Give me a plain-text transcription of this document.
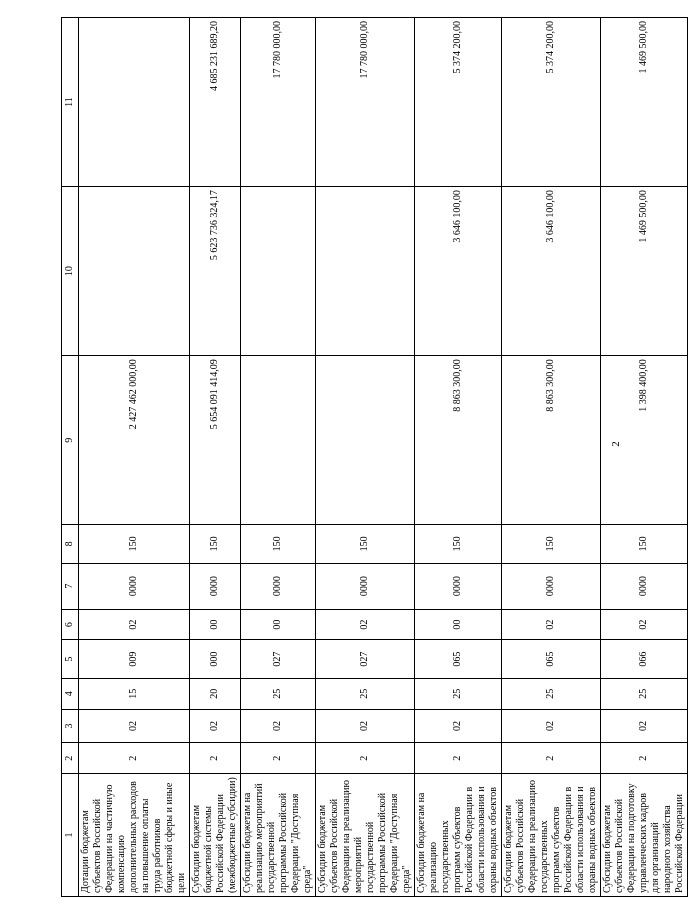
2
1	2	3	4	5	6	7	8	9	10	11
Дотации бюджетам субъектов Российской Федерации на частичную компенсацию дополнительных расходов на повышение оплаты труда работников бюджетной сферы и иные цели	2	02	15	009	02	0000	150	2 427 462 000,00		
Субсидии бюджетам бюджетной системы Российской Федерации (межбюджетные субсидии)	2	02	20	000	00	0000	150	5 654 091 414,09	5 623 736 324,17	4 685 231 689,20
Субсидии бюджетам на реализацию мероприятий государственной программы Российской Федерации "Доступная среда"	2	02	25	027	00	0000	150			17 780 000,00
Субсидии бюджетам субъектов Российской Федерации на реализацию мероприятий государственной программы Российской Федерации "Доступная среда"	2	02	25	027	02	0000	150			17 780 000,00
Субсидии бюджетам на реализацию государственных программ субъектов Российской Федерации в области использования и охраны водных объектов	2	02	25	065	00	0000	150	8 863 300,00	3 646 100,00	5 374 200,00
Субсидии бюджетам субъектов Российской Федерации на реализацию государственных программ субъектов Российской Федерации в области использования и охраны водных объектов	2	02	25	065	02	0000	150	8 863 300,00	3 646 100,00	5 374 200,00
Субсидии бюджетам субъектов Российской Федерации на подготовку управленческих кадров для организаций народного хозяйства Российской Федерации	2	02	25	066	02	0000	150	1 398 400,00	1 469 500,00	1 469 500,00
